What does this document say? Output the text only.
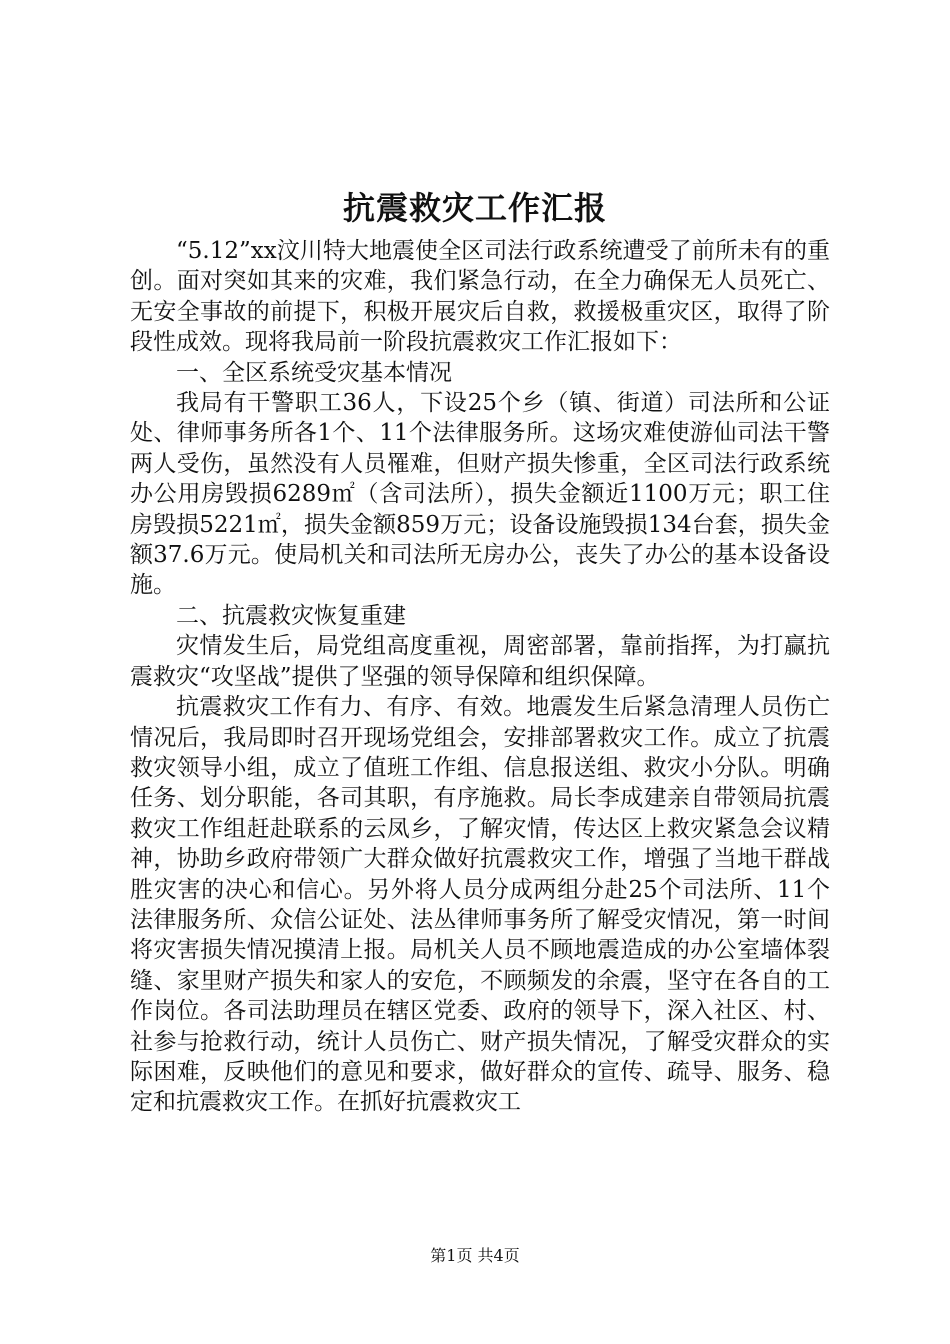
抗震救灾工作汇报

“5.12”xx汶川特大地震使全区司法行政系统遭受了前所未有的重创。面对突如其来的灾难，我们紧急行动，在全力确保无人员死亡、无安全事故的前提下，积极开展灾后自救，救援极重灾区，取得了阶段性成效。现将我局前一阶段抗震救灾工作汇报如下：

一、全区系统受灾基本情况

我局有干警职工36人，下设25个乡（镇、街道）司法所和公证处、律师事务所各1个、11个法律服务所。这场灾难使游仙司法干警两人受伤，虽然没有人员罹难，但财产损失惨重，全区司法行政系统办公用房毁损6289㎡（含司法所），损失金额近1100万元；职工住房毁损5221㎡，损失金额859万元；设备设施毁损134台套，损失金额37.6万元。使局机关和司法所无房办公，丧失了办公的基本设备设施。

二、抗震救灾恢复重建

灾情发生后，局党组高度重视，周密部署，靠前指挥，为打赢抗震救灾“攻坚战”提供了坚强的领导保障和组织保障。

抗震救灾工作有力、有序、有效。地震发生后紧急清理人员伤亡情况后，我局即时召开现场党组会，安排部署救灾工作。成立了抗震救灾领导小组，成立了值班工作组、信息报送组、救灾小分队。明确任务、划分职能，各司其职，有序施救。局长李成建亲自带领局抗震救灾工作组赶赴联系的云凤乡，了解灾情，传达区上救灾紧急会议精神，协助乡政府带领广大群众做好抗震救灾工作，增强了当地干群战胜灾害的决心和信心。另外将人员分成两组分赴25个司法所、11个法律服务所、众信公证处、法丛律师事务所了解受灾情况，第一时间将灾害损失情况摸清上报。局机关人员不顾地震造成的办公室墙体裂缝、家里财产损失和家人的安危，不顾频发的余震，坚守在各自的工作岗位。各司法助理员在辖区党委、政府的领导下，深入社区、村、社参与抢救行动，统计人员伤亡、财产损失情况，了解受灾群众的实际困难，反映他们的意见和要求，做好群众的宣传、疏导、服务、稳定和抗震救灾工作。在抓好抗震救灾工

第1页 共4页
